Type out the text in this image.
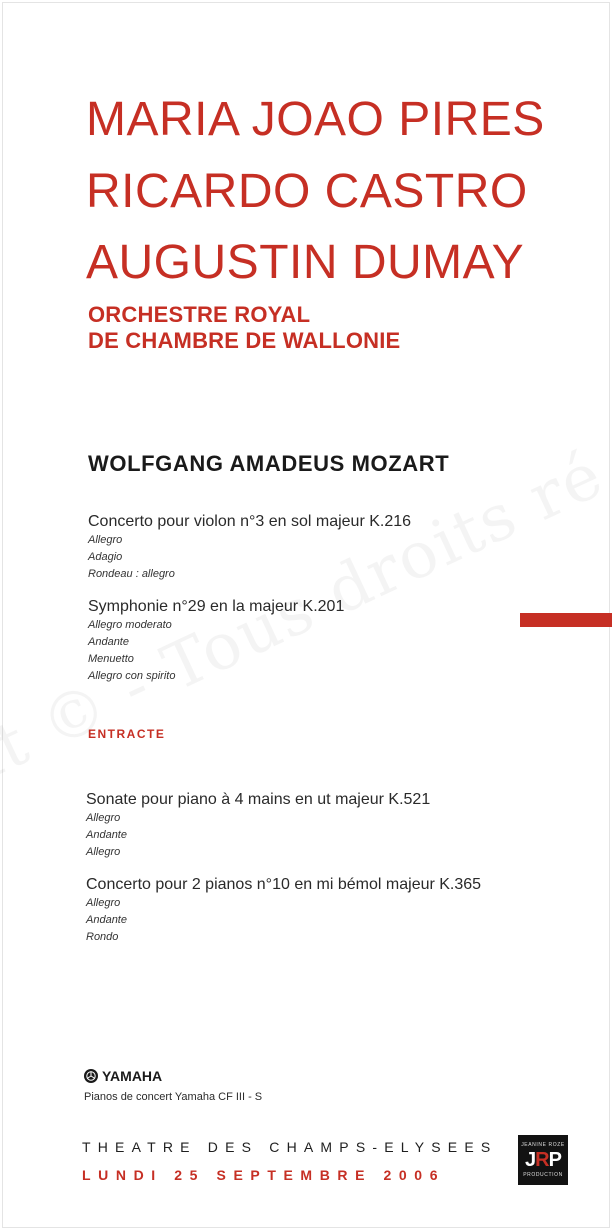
MARIA JOAO PIRES
RICARDO CASTRO
AUGUSTIN DUMAY
ORCHESTRE ROYAL
DE CHAMBRE DE WALLONIE
WOLFGANG AMADEUS MOZART
Concerto pour violon n°3 en sol majeur K.216
Allegro
Adagio
Rondeau : allegro
Symphonie n°29 en la majeur K.201
Allegro moderato
Andante
Menuetto
Allegro con spirito
ENTRACTE
Sonate pour piano à 4 mains en ut majeur K.521
Allegro
Andante
Allegro
Concerto pour 2 pianos n°10 en mi bémol majeur K.365
Allegro
Andante
Rondo
YAMAHA
Pianos de concert Yamaha CF III - S
THEATRE DES CHAMPS-ELYSEES
LUNDI 25 SEPTEMBRE 2006
JEANINE ROZE
JRP
PRODUCTION
